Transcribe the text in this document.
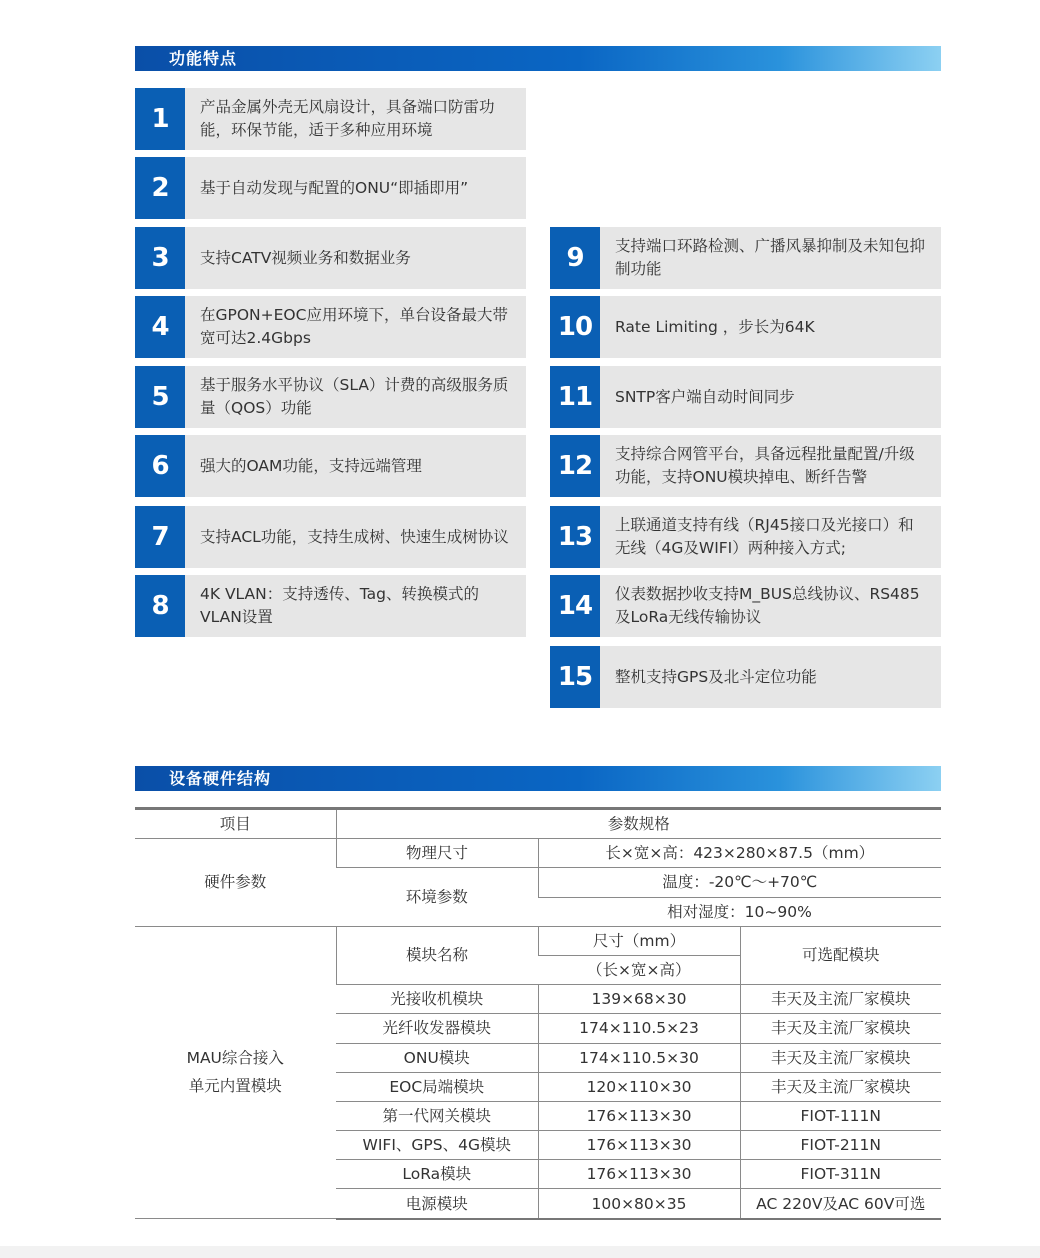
功能特点
1	产品金属外壳无风扇设计，具备端口防雷功能，环保节能，适于多种应用环境
2	基于自动发现与配置的ONU“即插即用”
3	支持CATV视频业务和数据业务
4	在GPON+EOC应用环境下，单台设备最大带宽可达2.4Gbps
5	基于服务水平协议（SLA）计费的高级服务质量（QOS）功能
6	强大的OAM功能，支持远端管理
7	支持ACL功能，支持生成树、快速生成树协议
8	4K VLAN：支持透传、Tag、转换模式的VLAN设置
9	支持端口环路检测、广播风暴抑制及未知包抑制功能
10	Rate Limiting ，步长为64K
11	SNTP客户端自动时间同步
12	支持综合网管平台，具备远程批量配置/升级功能，支持ONU模块掉电、断纤告警
13	上联通道支持有线（RJ45接口及光接口）和无线（4G及WIFI）两种接入方式;
14	仪表数据抄收支持M_BUS总线协议、RS485及LoRa无线传输协议
15	整机支持GPS及北斗定位功能
设备硬件结构
项目	参数规格		
硬件参数	物理尺寸	长×宽×高：423×280×87.5（mm）	
	环境参数	温度：-20℃～+70℃	
		相对湿度：10~90%	

MAU综合接入
单元内置模块	模块名称	尺寸（mm）	可选配模块
		（长×宽×高）	
	光接收机模块	139×68×30	丰天及主流厂家模块
	光纤收发器模块	174×110.5×23	丰天及主流厂家模块
	ONU模块	174×110.5×30	丰天及主流厂家模块
	EOC局端模块	120×110×30	丰天及主流厂家模块
	第一代网关模块	176×113×30	FIOT-111N
	WIFI、GPS、4G模块	176×113×30	FIOT-211N
	LoRa模块	176×113×30	FIOT-311N
	电源模块	100×80×35	AC 220V及AC 60V可选
